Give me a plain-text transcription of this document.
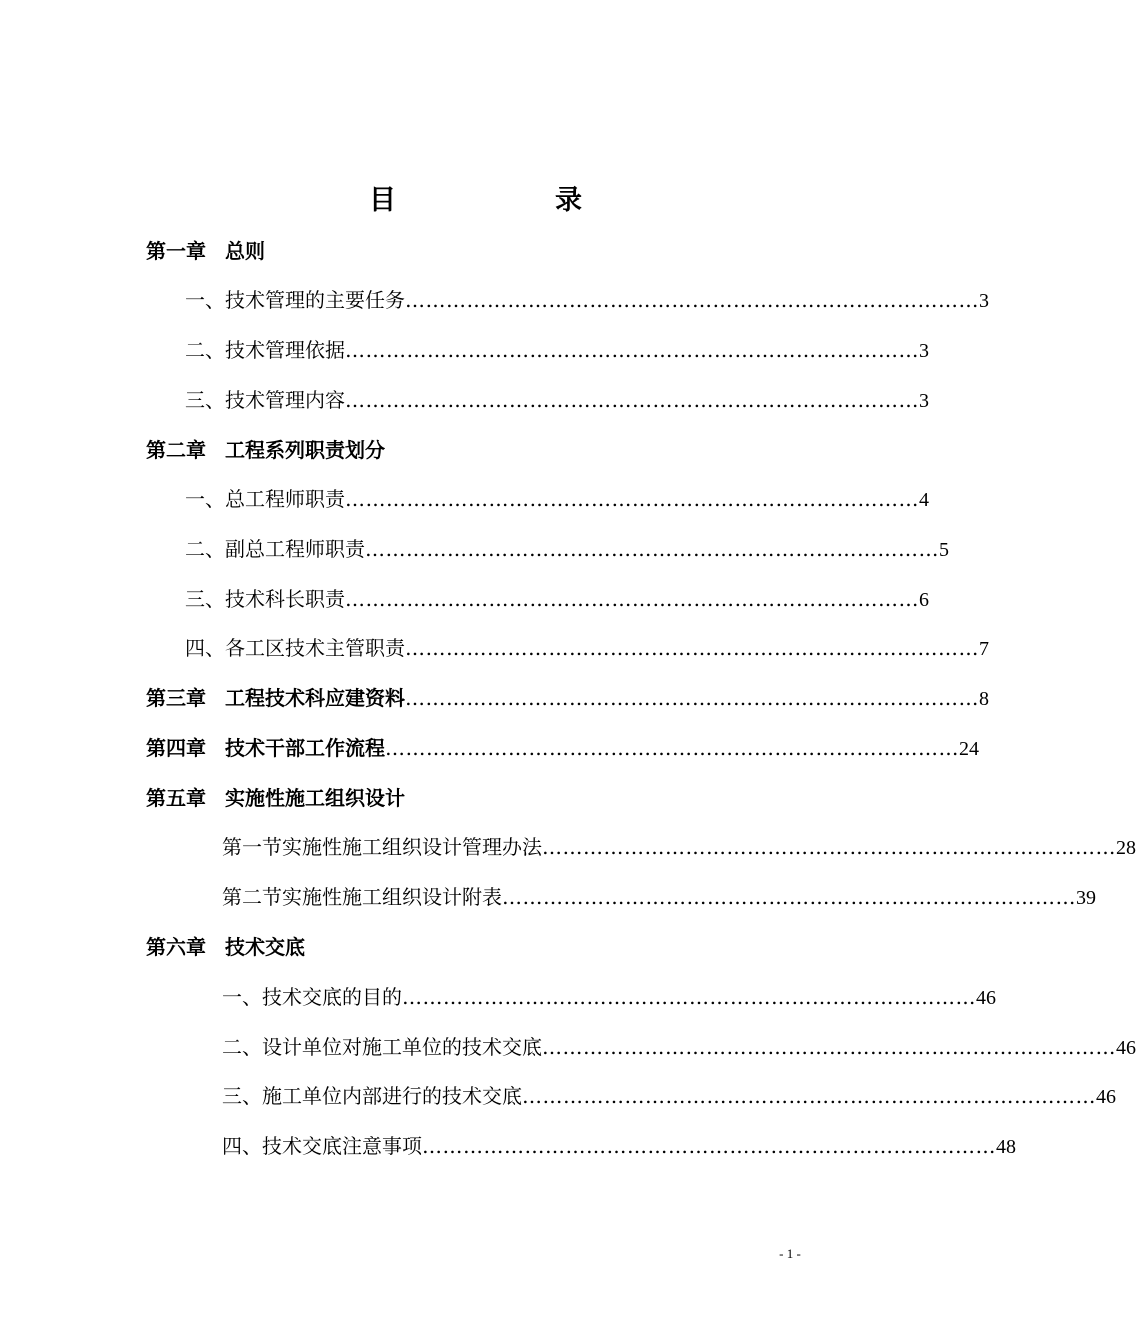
目	录
第一章 总则
一、技术管理的主要任务 ………………………………………………………………………… 3
二、技术管理依据 ………………………………………………………………………… 3
三、技术管理内容 ………………………………………………………………………… 3
第二章 工程系列职责划分
一、总工程师职责 ………………………………………………………………………… 4
二、副总工程师职责 ………………………………………………………………………… 5
三、技术科长职责 ………………………………………………………………………… 6
四、各工区技术主管职责 ………………………………………………………………………… 7
第三章 工程技术科应建资料 ………………………………………………………………………… 8
第四章 技术干部工作流程 ………………………………………………………………………… 24
第五章 实施性施工组织设计
第一节实施性施工组织设计管理办法 ………………………………………………………………………… 28
第二节实施性施工组织设计附表 ………………………………………………………………………… 39
第六章 技术交底
一、技术交底的目的 ………………………………………………………………………… 46
二、设计单位对施工单位的技术交底 ………………………………………………………………………… 46
三、施工单位内部进行的技术交底 ………………………………………………………………………… 46
四、技术交底注意事项 ………………………………………………………………………… 48
- 1 -
